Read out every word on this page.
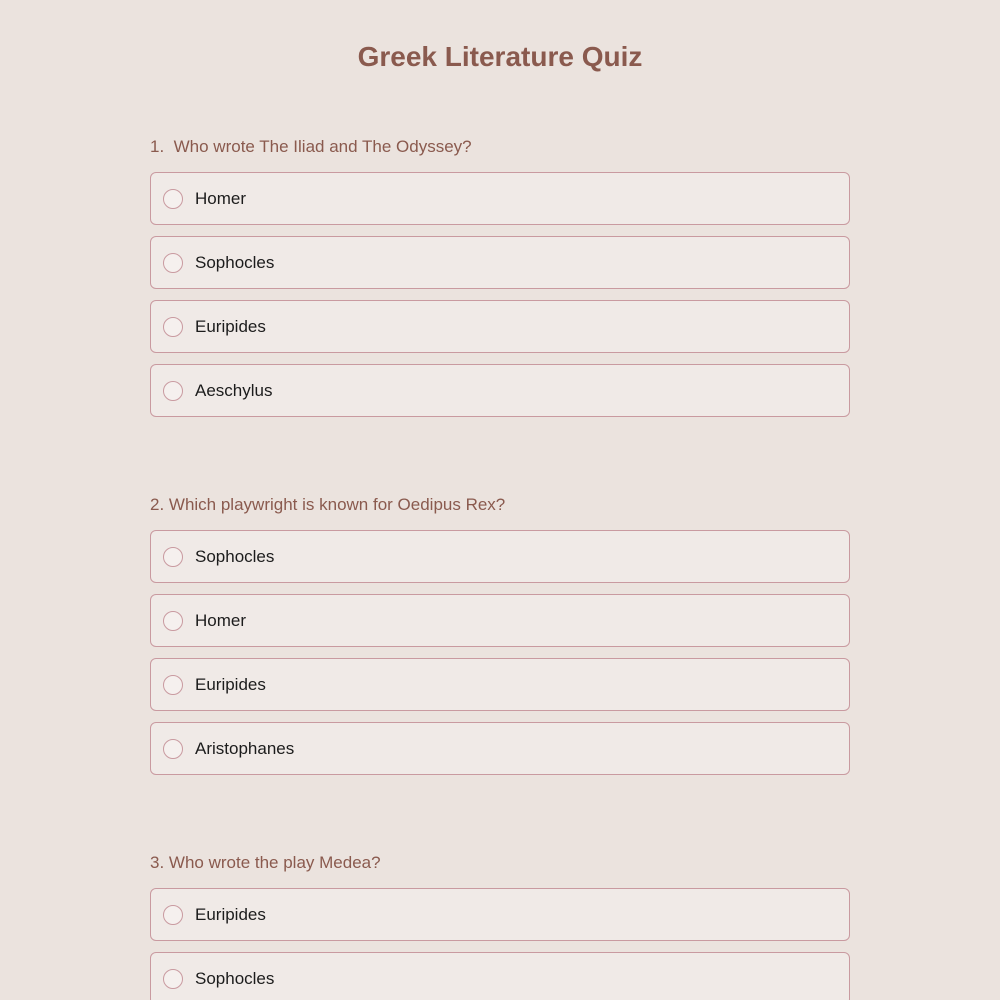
Greek Literature Quiz

1.  Who wrote The Iliad and The Odyssey?

Homer
Sophocles
Euripides
Aeschylus

2. Which playwright is known for Oedipus Rex?

Sophocles
Homer
Euripides
Aristophanes

3. Who wrote the play Medea?

Euripides
Sophocles
